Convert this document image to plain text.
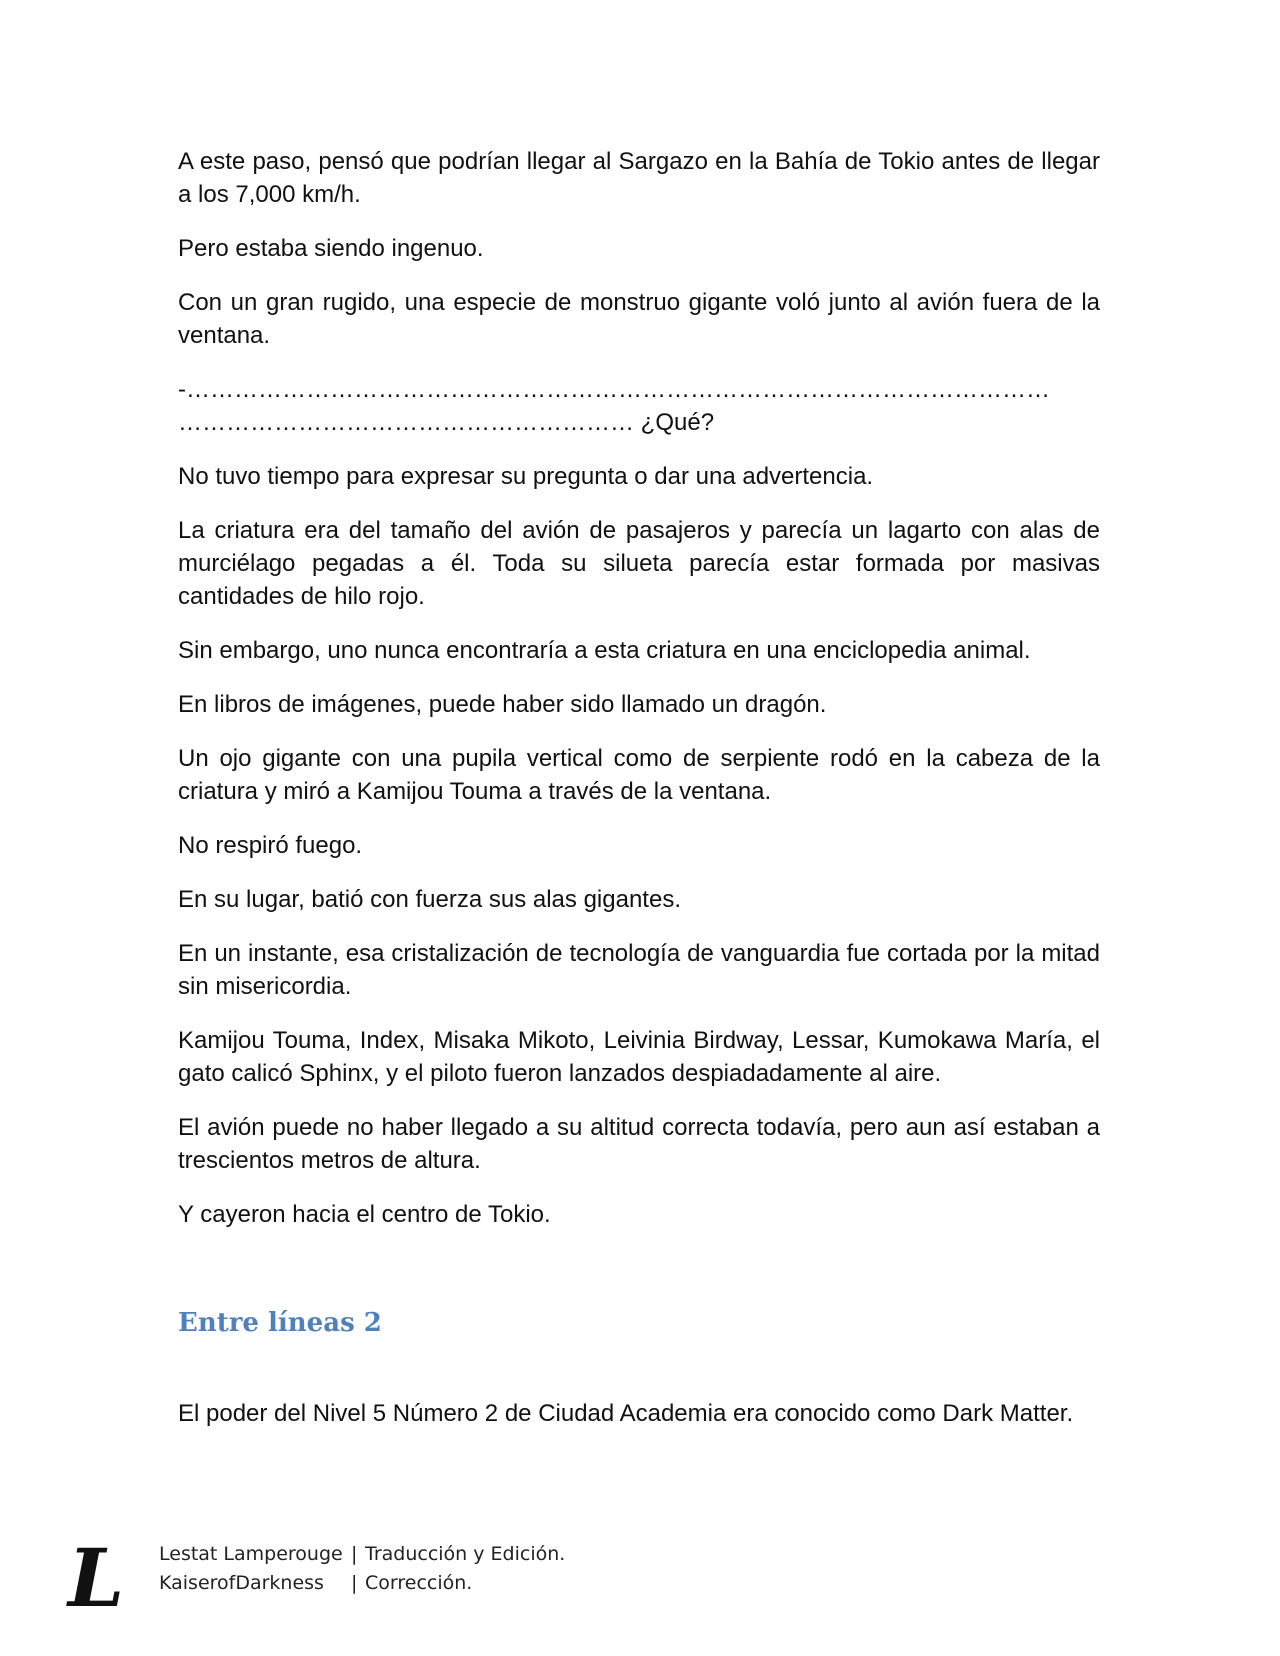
A este paso, pensó que podrían llegar al Sargazo en la Bahía de Tokio antes de llegar a los 7,000 km/h.

Pero estaba siendo ingenuo.

Con un gran rugido, una especie de monstruo gigante voló junto al avión fuera de la ventana.

-………………………………………………………………………………………………
………………………………………………… ¿Qué?

No tuvo tiempo para expresar su pregunta o dar una advertencia.

La criatura era del tamaño del avión de pasajeros y parecía un lagarto con alas de murciélago pegadas a él. Toda su silueta parecía estar formada por masivas cantidades de hilo rojo.

Sin embargo, uno nunca encontraría a esta criatura en una enciclopedia animal.

En libros de imágenes, puede haber sido llamado un dragón.

Un ojo gigante con una pupila vertical como de serpiente rodó en la cabeza de la criatura y miró a Kamijou Touma a través de la ventana.

No respiró fuego.

En su lugar, batió con fuerza sus alas gigantes.

En un instante, esa cristalización de tecnología de vanguardia fue cortada por la mitad sin misericordia.

Kamijou Touma, Index, Misaka Mikoto, Leivinia Birdway, Lessar, Kumokawa María, el gato calicó Sphinx, y el piloto fueron lanzados despiadadamente al aire.

El avión puede no haber llegado a su altitud correcta todavía, pero aun así estaban a trescientos metros de altura.

Y cayeron hacia el centro de Tokio.

Entre líneas 2

El poder del Nivel 5 Número 2 de Ciudad Academia era conocido como Dark Matter.

L Lestat Lamperouge | Traducción y Edición.
KaiserofDarkness | Corrección.
